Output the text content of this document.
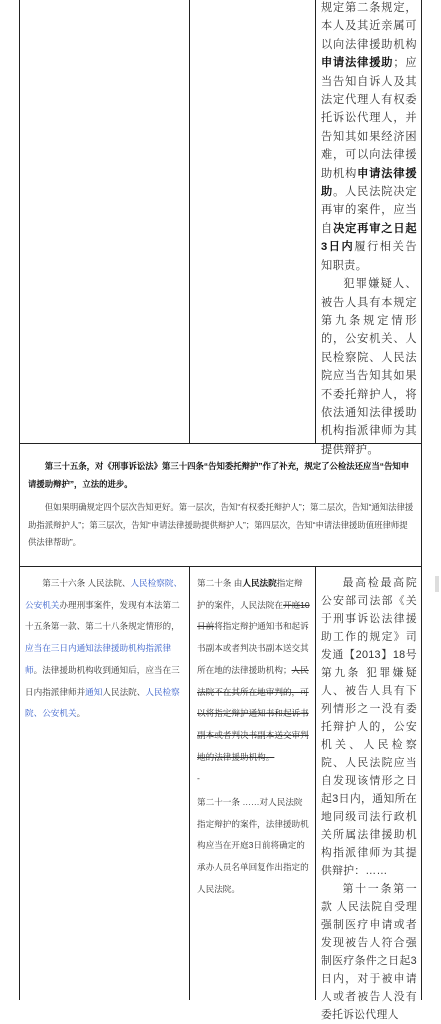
规定第二条规定，本人及其近亲属可以向法律援助机构申请法律援助；应当告知自诉人及其法定代理人有权委托诉讼代理人，并告知其如果经济困难，可以向法律援助机构申请法律援助。人民法院决定再审的案件，应当自决定再审之日起3日内履行相关告知职责。

犯罪嫌疑人、被告人具有本规定第九条规定情形的，公安机关、人民检察院、人民法院应当告知其如果不委托辩护人，将依法通知法律援助机构指派律师为其提供辩护。

第三十五条，对《刑事诉讼法》第三十四条“告知委托辩护”作了补充，规定了公检法还应当“告知申请援助辩护”，立法的进步。

但如果明确规定四个层次告知更好。第一层次，告知“有权委托辩护人”；第二层次，告知“通知法律援助指派辩护人”；第三层次，告知“申请法律援助提供辩护人”；第四层次，告知“申请法律援助值班律师提供法律帮助”。

第三十六条 人民法院、人民检察院、公安机关办理刑事案件，发现有本法第二十五条第一款、第二十八条规定情形的，应当在三日内通知法律援助机构指派律师。法律援助机构收到通知后，应当在三日内指派律师并通知人民法院、人民检察院、公安机关。

第二十条 由人民法院指定辩护的案件，人民法院在开庭10日前将指定辩护通知书和起诉书副本或者判决书副本送交其所在地的法律援助机构；人民法院不在其所在地审判的，可以将指定辩护通知书和起诉书副本或者判决书副本送交审判地的法律援助机构。

-

第二十一条 ……对人民法院指定辩护的案件，法律援助机构应当在开庭3日前将确定的承办人员名单回复作出指定的人民法院。

最高检最高院公安部司法部《关于刑事诉讼法律援助工作的规定》司发通【2013】18号第九条 犯罪嫌疑人、被告人具有下列情形之一没有委托辩护人的，公安机关、人民检察院、人民法院应当自发现该情形之日起3日内，通知所在地同级司法行政机关所属法律援助机构指派律师为其提供辩护：……

第十一条第一款 人民法院自受理强制医疗申请或者发现被告人符合强制医疗条件之日起3日内，对于被申请人或者被告人没有委托诉讼代理人
